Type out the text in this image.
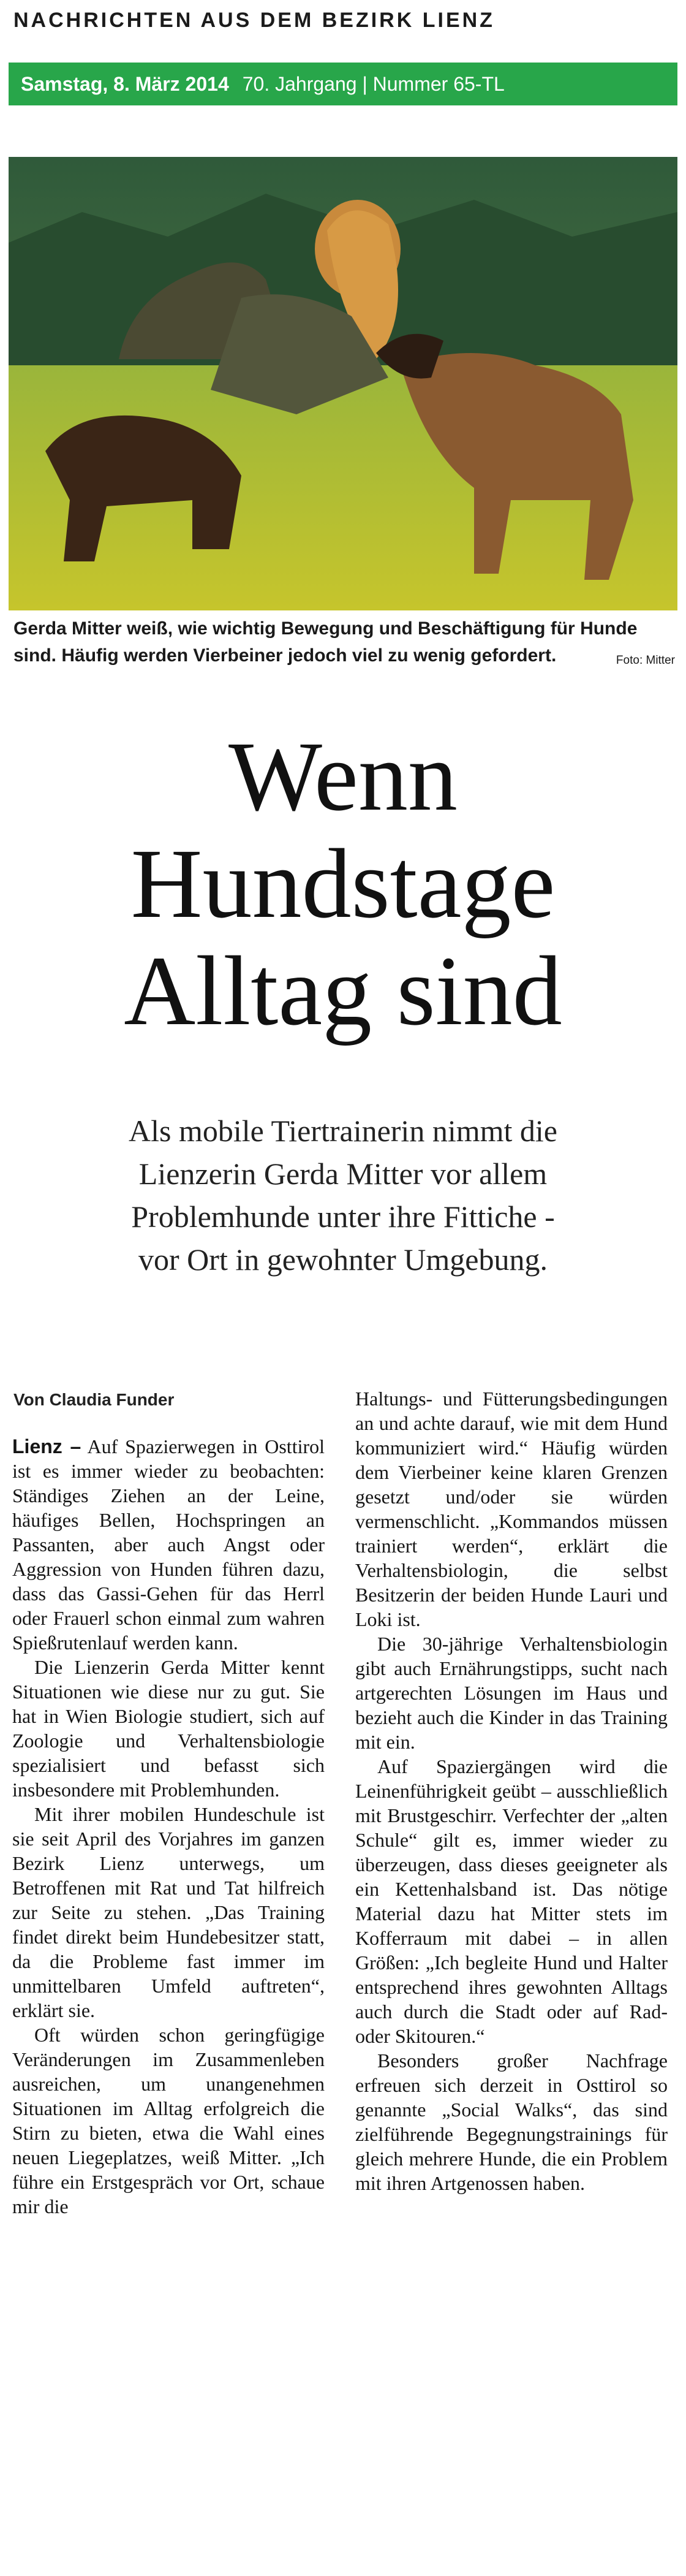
NACHRICHTEN AUS DEM BEZIRK LIENZ
Samstag, 8. März 2014 70. Jahrgang | Nummer 65-TL
Gerda Mitter weiß, wie wichtig Bewegung und Beschäftigung für Hunde sind. Häufig werden Vierbeiner jedoch viel zu wenig gefordert.	Foto: Mitter
Wenn
Hundstage
Alltag sind
Als mobile Tiertrainerin nimmt die
Lienzerin Gerda Mitter vor allem
Problemhunde unter ihre Fittiche -
vor Ort in gewohnter Umgebung.
Von Claudia Funder

Lienz – Auf Spazierwegen in Osttirol ist es immer wieder zu beobachten: Ständiges Ziehen an der Leine, häufiges Bellen, Hochspringen an Passanten, aber auch Angst oder Aggression von Hunden führen dazu, dass das Gassi-Gehen für das Herrl oder Frauerl schon einmal zum wahren Spießrutenlauf werden kann.

Die Lienzerin Gerda Mitter kennt Situationen wie diese nur zu gut. Sie hat in Wien Biologie studiert, sich auf Zoologie und Verhaltensbiologie spezialisiert und befasst sich insbesondere mit Problemhunden.

Mit ihrer mobilen Hundeschule ist sie seit April des Vorjahres im ganzen Bezirk Lienz unterwegs, um Betroffenen mit Rat und Tat hilfreich zur Seite zu stehen. „Das Training findet direkt beim Hundebesitzer statt, da die Probleme fast immer im unmittelbaren Umfeld auftreten“, erklärt sie.

Oft würden schon geringfügige Veränderungen im Zusammenleben ausreichen, um unangenehmen Situationen im Alltag erfolgreich die Stirn zu bieten, etwa die Wahl eines neuen Liegeplatzes, weiß Mitter. „Ich führe ein Erstgespräch vor Ort, schaue mir die

Haltungs- und Fütterungsbedingungen an und achte darauf, wie mit dem Hund kommuniziert wird.“ Häufig würden dem Vierbeiner keine klaren Grenzen gesetzt und/oder sie würden vermenschlicht. „Kommandos müssen trainiert werden“, erklärt die Verhaltensbiologin, die selbst Besitzerin der beiden Hunde Lauri und Loki ist.

Die 30-jährige Verhaltensbiologin gibt auch Ernährungstipps, sucht nach artgerechten Lösungen im Haus und bezieht auch die Kinder in das Training mit ein.

Auf Spaziergängen wird die Leinenführigkeit geübt – ausschließlich mit Brustgeschirr. Verfechter der „alten Schule“ gilt es, immer wieder zu überzeugen, dass dieses geeigneter als ein Kettenhalsband ist. Das nötige Material dazu hat Mitter stets im Kofferraum mit dabei – in allen Größen: „Ich begleite Hund und Halter entsprechend ihres gewohnten Alltags auch durch die Stadt oder auf Rad- oder Skitouren.“

Besonders großer Nachfrage erfreuen sich derzeit in Osttirol so genannte „Social Walks“, das sind zielführende Begegnungstrainings für gleich mehrere Hunde, die ein Problem mit ihren Artgenossen haben.
